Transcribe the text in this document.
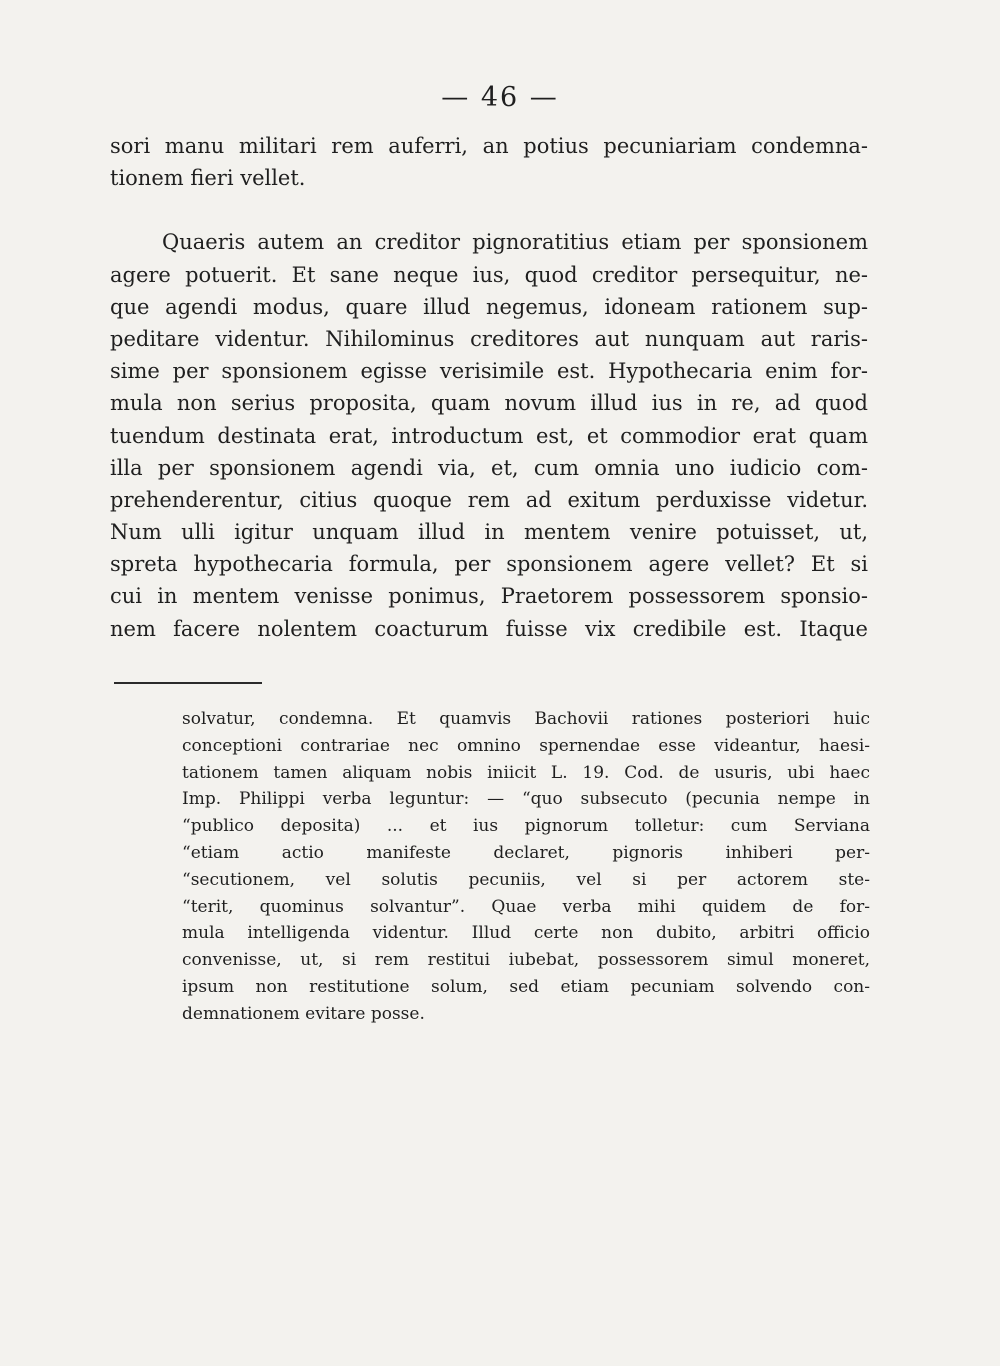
— 46 —
sori manu militari rem auferri, an potius pecuniariam condemna-
tionem fieri vellet.
Quaeris autem an creditor pignoratitius etiam per sponsionem
agere potuerit. Et sane neque ius, quod creditor persequitur, ne-
que agendi modus, quare illud negemus, idoneam rationem sup-
peditare videntur. Nihilominus creditores aut nunquam aut raris-
sime per sponsionem egisse verisimile est. Hypothecaria enim for-
mula non serius proposita, quam novum illud ius in re, ad quod
tuendum destinata erat, introductum est, et commodior erat quam
illa per sponsionem agendi via, et, cum omnia uno iudicio com-
prehenderentur, citius quoque rem ad exitum perduxisse videtur.
Num ulli igitur unquam illud in mentem venire potuisset, ut,
spreta hypothecaria formula, per sponsionem agere vellet? Et si
cui in mentem venisse ponimus, Praetorem possessorem sponsio-
nem facere nolentem coacturum fuisse vix credibile est. Itaque
solvatur, condemna. Et quamvis Bachovii rationes posteriori huic
conceptioni contrariae nec omnino spernendae esse videantur, haesi-
tationem tamen aliquam nobis iniicit L. 19. Cod. de usuris, ubi haec
Imp. Philippi verba leguntur: — “quo subsecuto (pecunia nempe in
“publico deposita) ... et ius pignorum tolletur: cum Serviana
“etiam actio manifeste declaret, pignoris inhiberi per-
“secutionem, vel solutis pecuniis, vel si per actorem ste-
“terit, quominus solvantur”. Quae verba mihi quidem de for-
mula intelligenda videntur. Illud certe non dubito, arbitri officio
convenisse, ut, si rem restitui iubebat, possessorem simul moneret,
ipsum non restitutione solum, sed etiam pecuniam solvendo con-
demnationem evitare posse.
